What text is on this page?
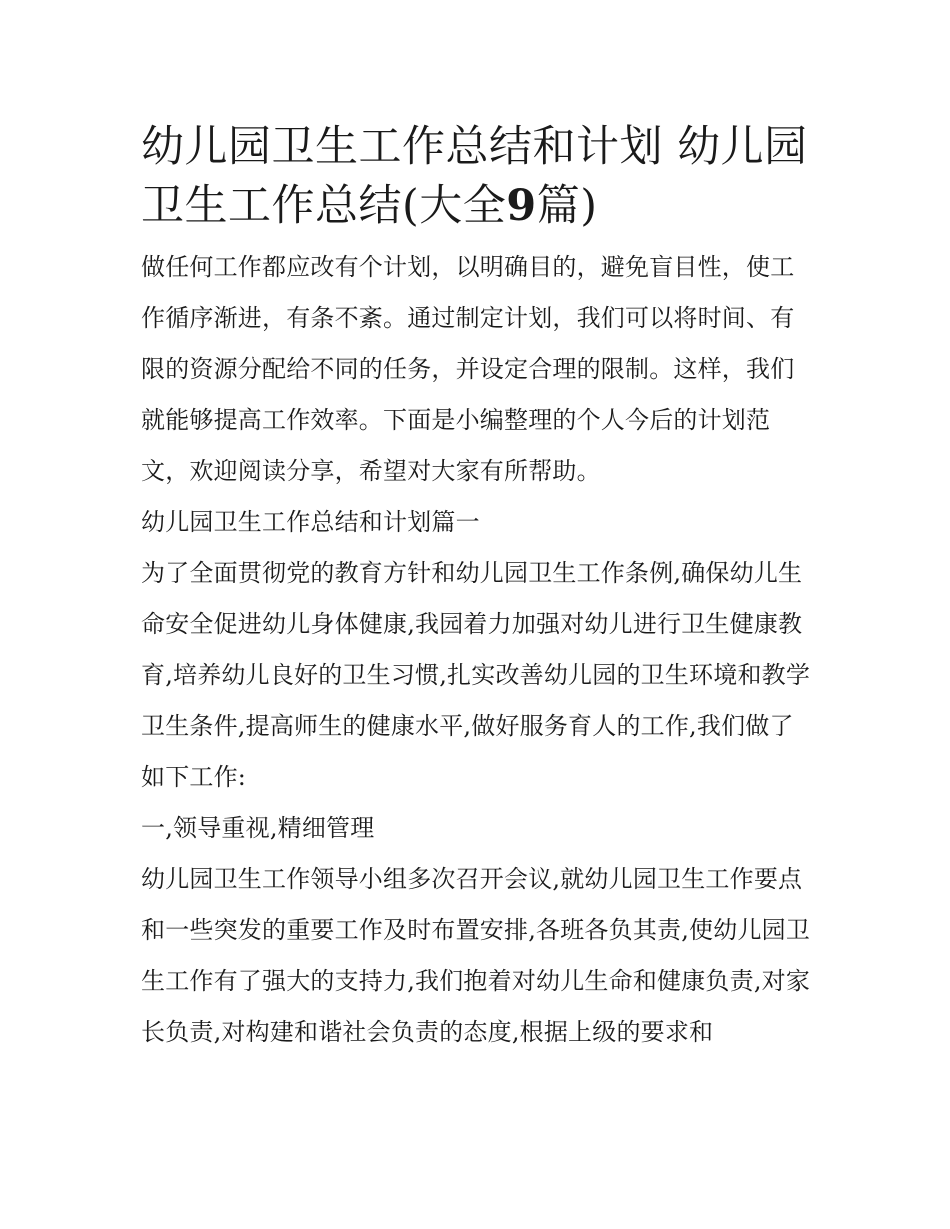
幼儿园卫生工作总结和计划 幼儿园卫生工作总结(大全9篇)

做任何工作都应改有个计划，以明确目的，避免盲目性，使工作循序渐进，有条不紊。通过制定计划，我们可以将时间、有限的资源分配给不同的任务，并设定合理的限制。这样，我们就能够提高工作效率。下面是小编整理的个人今后的计划范文，欢迎阅读分享，希望对大家有所帮助。

幼儿园卫生工作总结和计划篇一

为了全面贯彻党的教育方针和幼儿园卫生工作条例,确保幼儿生命安全促进幼儿身体健康,我园着力加强对幼儿进行卫生健康教育,培养幼儿良好的卫生习惯,扎实改善幼儿园的卫生环境和教学卫生条件,提高师生的健康水平,做好服务育人的工作,我们做了如下工作:

一,领导重视,精细管理

幼儿园卫生工作领导小组多次召开会议,就幼儿园卫生工作要点和一些突发的重要工作及时布置安排,各班各负其责,使幼儿园卫生工作有了强大的支持力,我们抱着对幼儿生命和健康负责,对家长负责,对构建和谐社会负责的态度,根据上级的要求和
